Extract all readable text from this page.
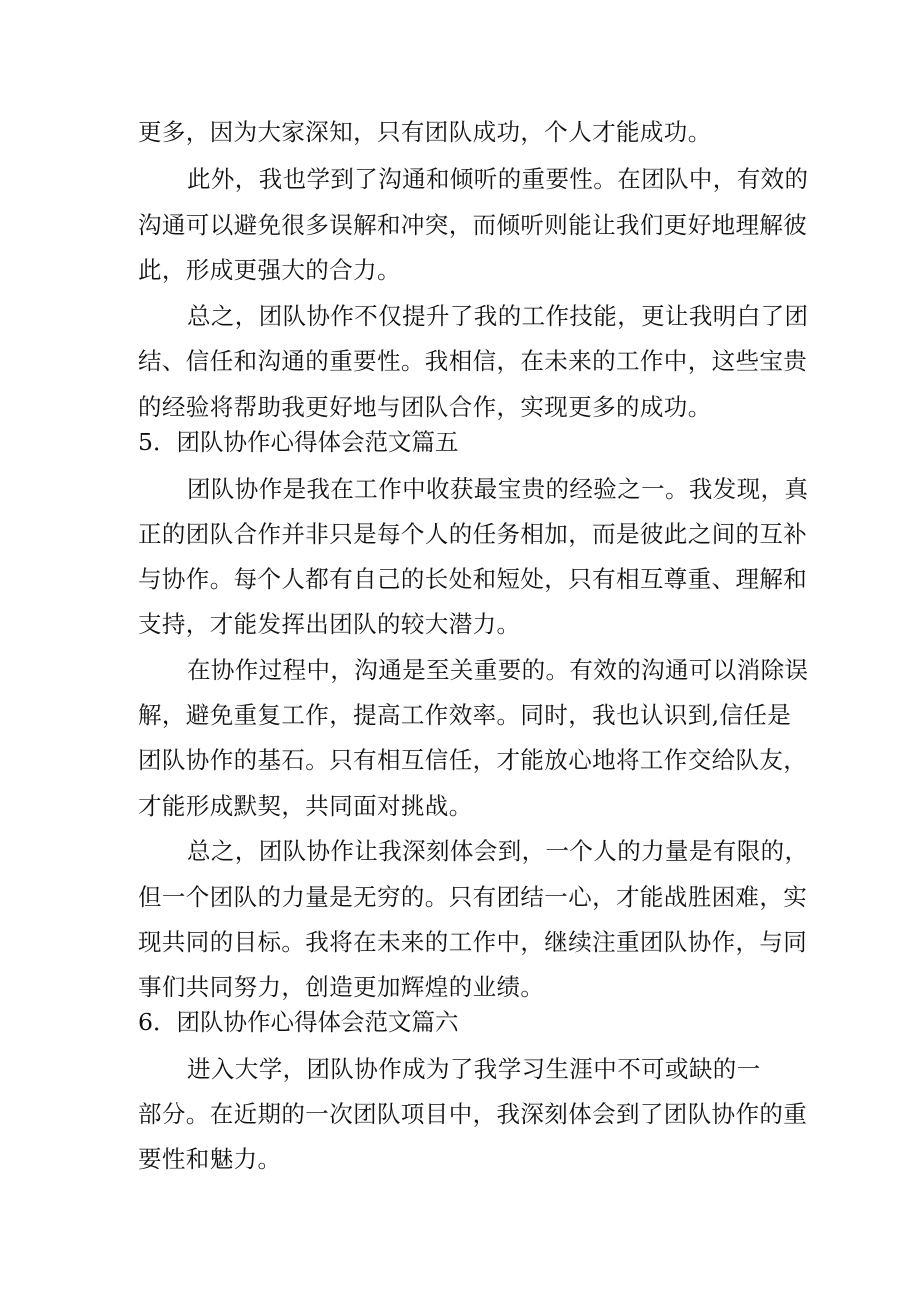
更多，因为大家深知，只有团队成功，个人才能成功。
此外，我也学到了沟通和倾听的重要性。在团队中，有效的
沟通可以避免很多误解和冲突，而倾听则能让我们更好地理解彼
此，形成更强大的合力。
总之，团队协作不仅提升了我的工作技能，更让我明白了团
结、信任和沟通的重要性。我相信，在未来的工作中，这些宝贵
的经验将帮助我更好地与团队合作，实现更多的成功。
5．团队协作心得体会范文篇五
团队协作是我在工作中收获最宝贵的经验之一。我发现，真
正的团队合作并非只是每个人的任务相加，而是彼此之间的互补
与协作。每个人都有自己的长处和短处，只有相互尊重、理解和
支持，才能发挥出团队的较大潜力。
在协作过程中，沟通是至关重要的。有效的沟通可以消除误
解，避免重复工作，提高工作效率。同时，我也认识到,信任是
团队协作的基石。只有相互信任，才能放心地将工作交给队友，
才能形成默契，共同面对挑战。
总之，团队协作让我深刻体会到，一个人的力量是有限的，
但一个团队的力量是无穷的。只有团结一心，才能战胜困难，实
现共同的目标。我将在未来的工作中，继续注重团队协作，与同
事们共同努力，创造更加辉煌的业绩。
6．团队协作心得体会范文篇六
进入大学，团队协作成为了我学习生涯中不可或缺的一
部分。在近期的一次团队项目中，我深刻体会到了团队协作的重
要性和魅力。
